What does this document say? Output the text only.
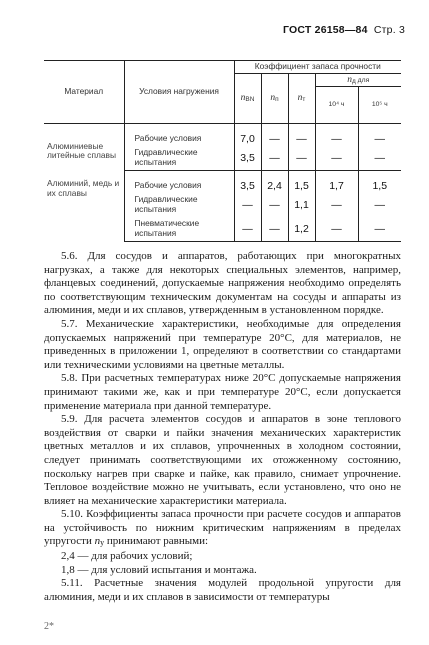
ГОСТ 26158—84 Стр. 3
Материал	Условия нагружения	Коэффициент запаса прочности				
		nBN	nп	nт	nд для	
					10⁴ ч	10⁵ ч

Алюминиевые литейные сплавы	Рабочие условия	7,0	—	—	—	—
	Гидравлические испытания	3,5	—	—	—	—

Алюминий, медь и их сплавы	Рабочие условия	3,5	2,4	1,5	1,7	1,5
	Гидравлические испытания	—	—	1,1	—	—
	Пневматические испытания	—	—	1,2	—	—

5.6. Для сосудов и аппаратов, работающих при многократных нагрузках, а также для некоторых специальных элементов, например, фланцевых соединений, допускаемые напряжения необходимо определять по соответствующим техническим документам на сосуды и аппараты из алюминия, меди и их сплавов, утвержденным в установленном порядке.

5.7. Механические характеристики, необходимые для определения допускаемых напряжений при температуре 20°С, для материалов, не приведенных в приложении 1, определяют в соответствии со стандартами или техническими условиями на цветные металлы.

5.8. При расчетных температурах ниже 20°С допускаемые напряжения принимают такими же, как и при температуре 20°С, если допускается применение материала при данной температуре.

5.9. Для расчета элементов сосудов и аппаратов в зоне теплового воздействия от сварки и пайки значения механических характеристик цветных металлов и их сплавов, упрочненных в холодном состоянии, следует принимать соответствующими их отожженному состоянию, поскольку нагрев при сварке и пайке, как правило, снимает упрочнение. Тепловое воздействие можно не учитывать, если установлено, что оно не влияет на механические характеристики материала.

5.10. Коэффициенты запаса прочности при расчете сосудов и аппаратов на устойчивость по нижним критическим напряжениям в пределах упругости nу принимают равными:

2,4 — для рабочих условий;

1,8 — для условий испытания и монтажа.

5.11. Расчетные значения модулей продольной упругости для алюминия, меди и их сплавов в зависимости от температуры

2*
